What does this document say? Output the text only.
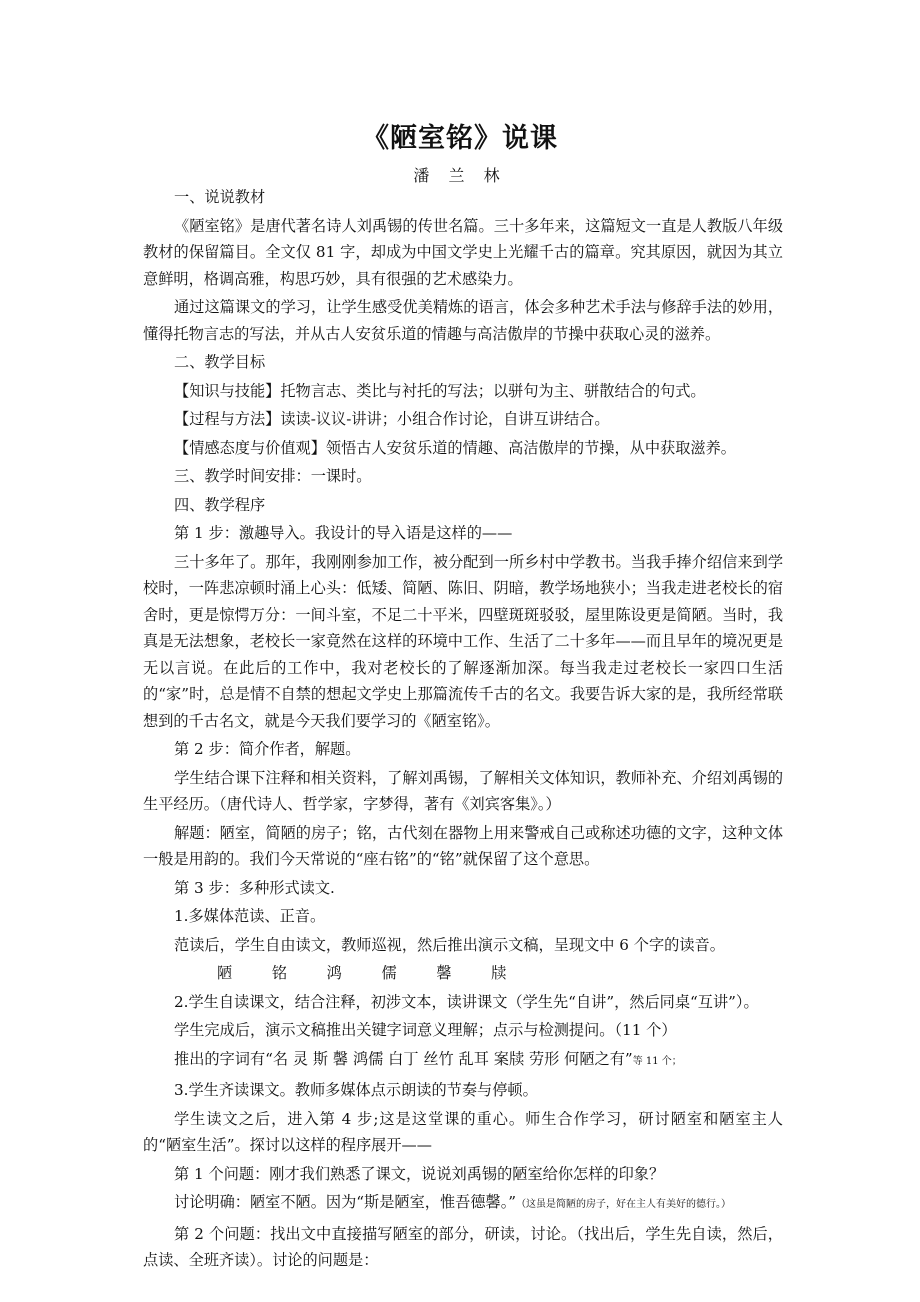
《陋室铭》说课
潘 兰 林

一、说说教材

《陋室铭》是唐代著名诗人刘禹锡的传世名篇。三十多年来，这篇短文一直是人教版八年级教材的保留篇目。全文仅 81 字，却成为中国文学史上光耀千古的篇章。究其原因，就因为其立意鲜明，格调高雅，构思巧妙，具有很强的艺术感染力。

通过这篇课文的学习，让学生感受优美精炼的语言，体会多种艺术手法与修辞手法的妙用，懂得托物言志的写法，并从古人安贫乐道的情趣与高洁傲岸的节操中获取心灵的滋养。

二、教学目标

【知识与技能】托物言志、类比与衬托的写法；以骈句为主、骈散结合的句式。

【过程与方法】读读-议议-讲讲；小组合作讨论，自讲互讲结合。

【情感态度与价值观】领悟古人安贫乐道的情趣、高洁傲岸的节操，从中获取滋养。

三、教学时间安排：一课时。

四、教学程序

第 1 步：激趣导入。我设计的导入语是这样的——

三十多年了。那年，我刚刚参加工作，被分配到一所乡村中学教书。当我手捧介绍信来到学校时，一阵悲凉顿时涌上心头：低矮、简陋、陈旧、阴暗，教学场地狭小；当我走进老校长的宿舍时，更是惊愕万分：一间斗室，不足二十平米，四壁斑斑驳驳，屋里陈设更是简陋。当时，我真是无法想象，老校长一家竟然在这样的环境中工作、生活了二十多年——而且早年的境况更是无以言说。在此后的工作中，我对老校长的了解逐渐加深。每当我走过老校长一家四口生活的“家”时，总是情不自禁的想起文学史上那篇流传千古的名文。我要告诉大家的是，我所经常联想到的千古名文，就是今天我们要学习的《陋室铭》。

第 2 步：简介作者，解题。

学生结合课下注释和相关资料，了解刘禹锡，了解相关文体知识，教师补充、介绍刘禹锡的生平经历。（唐代诗人、哲学家，字梦得，著有《刘宾客集》。）

解题：陋室，简陋的房子；铭，古代刻在器物上用来警戒自己或称述功德的文字，这种文体一般是用韵的。我们今天常说的“座右铭”的“铭”就保留了这个意思。

第 3 步：多种形式读文.

1.多媒体范读、正音。

范读后，学生自由读文，教师巡视，然后推出演示文稿，呈现文中 6 个字的读音。

陋	铭	鸿	儒	馨	牍

2.学生自读课文，结合注释，初涉文本，读讲课文（学生先“自讲”，然后同桌“互讲”）。

学生完成后，演示文稿推出关键字词意义理解；点示与检测提问。（11 个）

推出的字词有“名 灵 斯 馨 鸿儒 白丁 丝竹 乱耳 案牍 劳形 何陋之有”等 11 个；

3.学生齐读课文。教师多媒体点示朗读的节奏与停顿。

学生读文之后，进入第 4 步;这是这堂课的重心。师生合作学习，研讨陋室和陋室主人的“陋室生活”。探讨以这样的程序展开——

第 1 个问题：刚才我们熟悉了课文，说说刘禹锡的陋室给你怎样的印象？

讨论明确：陋室不陋。因为“斯是陋室，惟吾德馨。”（这虽是简陋的房子，好在主人有美好的德行。）

第 2 个问题：找出文中直接描写陋室的部分，研读，讨论。（找出后，学生先自读，然后，点读、全班齐读）。讨论的问题是：
